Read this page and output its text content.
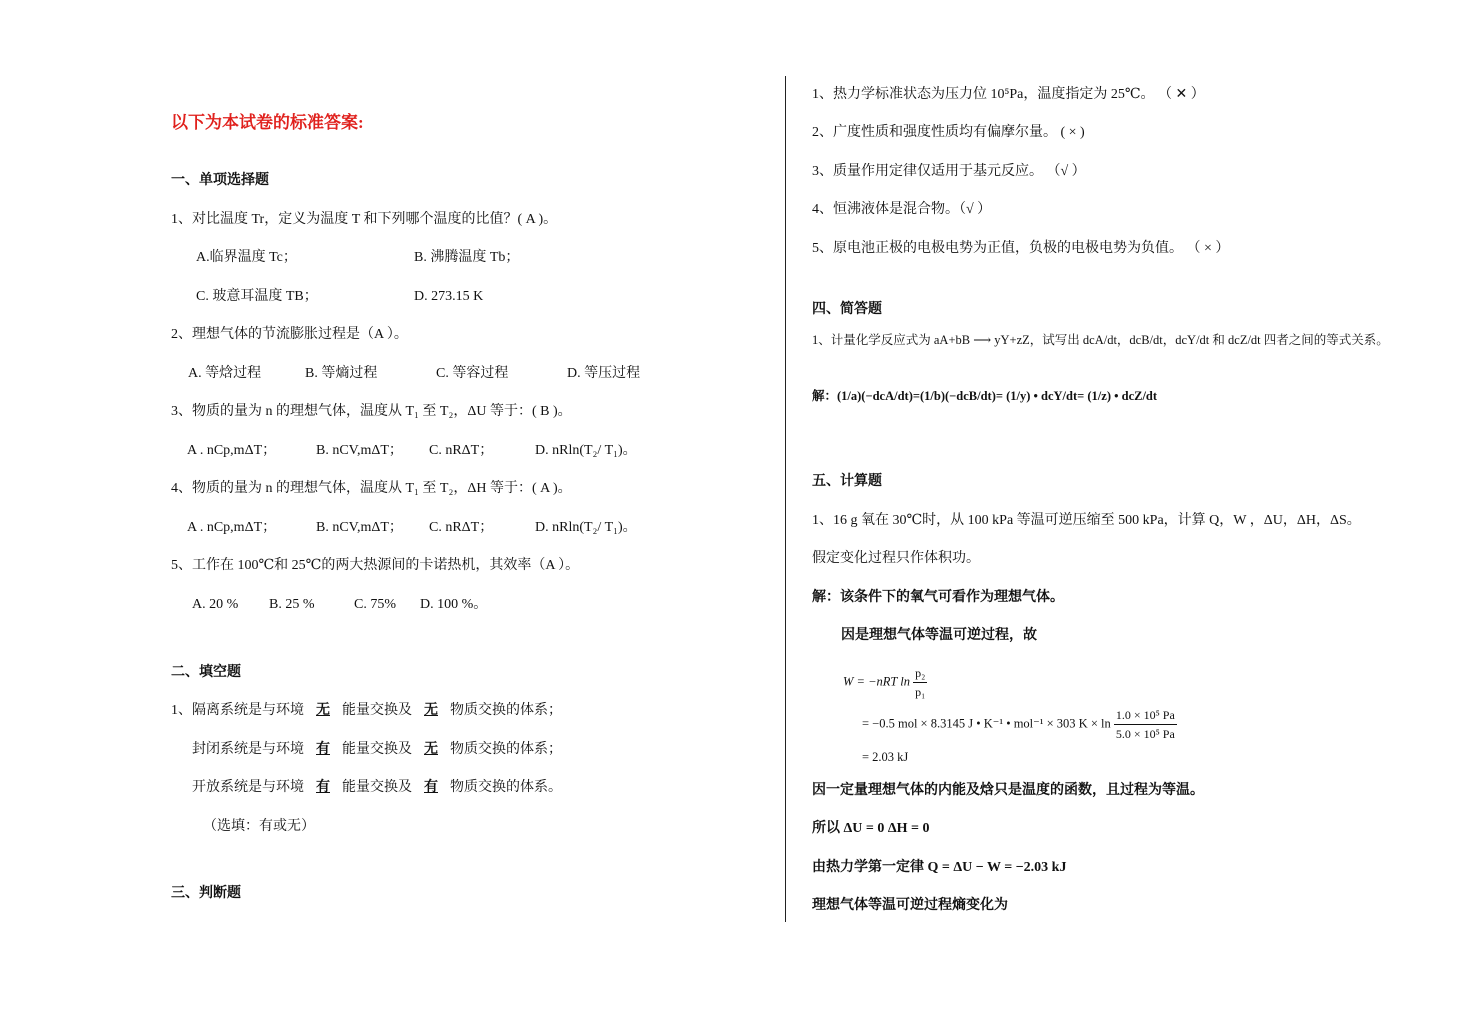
以下为本试卷的标准答案:
一、单项选择题
1、对比温度 Tr，定义为温度 T 和下列哪个温度的比值？( A )。
A.临界温度 Tc；	B. 沸腾温度 Tb；
C. 玻意耳温度 TB；	D. 273.15 K
2、理想气体的节流膨胀过程是（A ）。
A. 等焓过程	B. 等熵过程	C. 等容过程	D. 等压过程
3、物质的量为 n 的理想气体，温度从 T₁ 至 T₂，ΔU 等于：( B )。
A . nCp,mΔT；	B. nCV,mΔT； C. nRΔT；	D. nRln(T₂/ T₁)。
4、物质的量为 n 的理想气体，温度从 T₁ 至 T₂，ΔH 等于：( A )。
A . nCp,mΔT；	B. nCV,mΔT； C. nRΔT；	D. nRln(T₂/ T₁)。
5、工作在 100℃和 25℃的两大热源间的卡诺热机，其效率（A ）。
A. 20 % B. 25 %	C. 75% D. 100 %。
二、填空题
1、隔离系统是与环境 无 能量交换及 无 物质交换的体系；
封闭系统是与环境 有 能量交换及 无 物质交换的体系；
开放系统是与环境 有 能量交换及 有 物质交换的体系。
（选填：有或无）
三、判断题
1、热力学标准状态为压力位 10⁵Pa，温度指定为 25℃。 （ ✕ ）
2、广度性质和强度性质均有偏摩尔量。 ( × )
3、质量作用定律仅适用于基元反应。 （√ ）
4、恒沸液体是混合物。（√ ）
5、原电池正极的电极电势为正值，负极的电极电势为负值。 （ × ）
四、简答题
1、计量化学反应式为 aA+bB ⟶ yY+zZ，试写出 dcA/dt，dcB/dt，dcY/dt 和 dcZ/dt 四者之间的等式关系。
解：(1/a)(−dcA/dt)=(1/b)(−dcB/dt)= (1/y) • dcY/dt= (1/z) • dcZ/dt
五、计算题
1、16 g 氧在 30℃时，从 100 kPa 等温可逆压缩至 500 kPa，计算 Q，W ，ΔU，ΔH，ΔS。
假定变化过程只作体积功。
解：该条件下的氧气可看作为理想气体。
因是理想气体等温可逆过程，故
W = −nRT $\ln \frac{\text{p₂}}{\text{p₁}}$
= −0.5 mol × 8.3145 J • K⁻¹ • mol⁻¹ × 303 $K \times \ln \frac{\text{1.0 × 10⁵ Pa}}{\text{5.0 × 10⁵ Pa}}$
= 2.03 kJ
因一定量理想气体的内能及焓只是温度的函数，且过程为等温。
所以 ΔU = 0 ΔH = 0
由热力学第一定律 Q = ΔU − W = −2.03 kJ
理想气体等温可逆过程熵变化为
